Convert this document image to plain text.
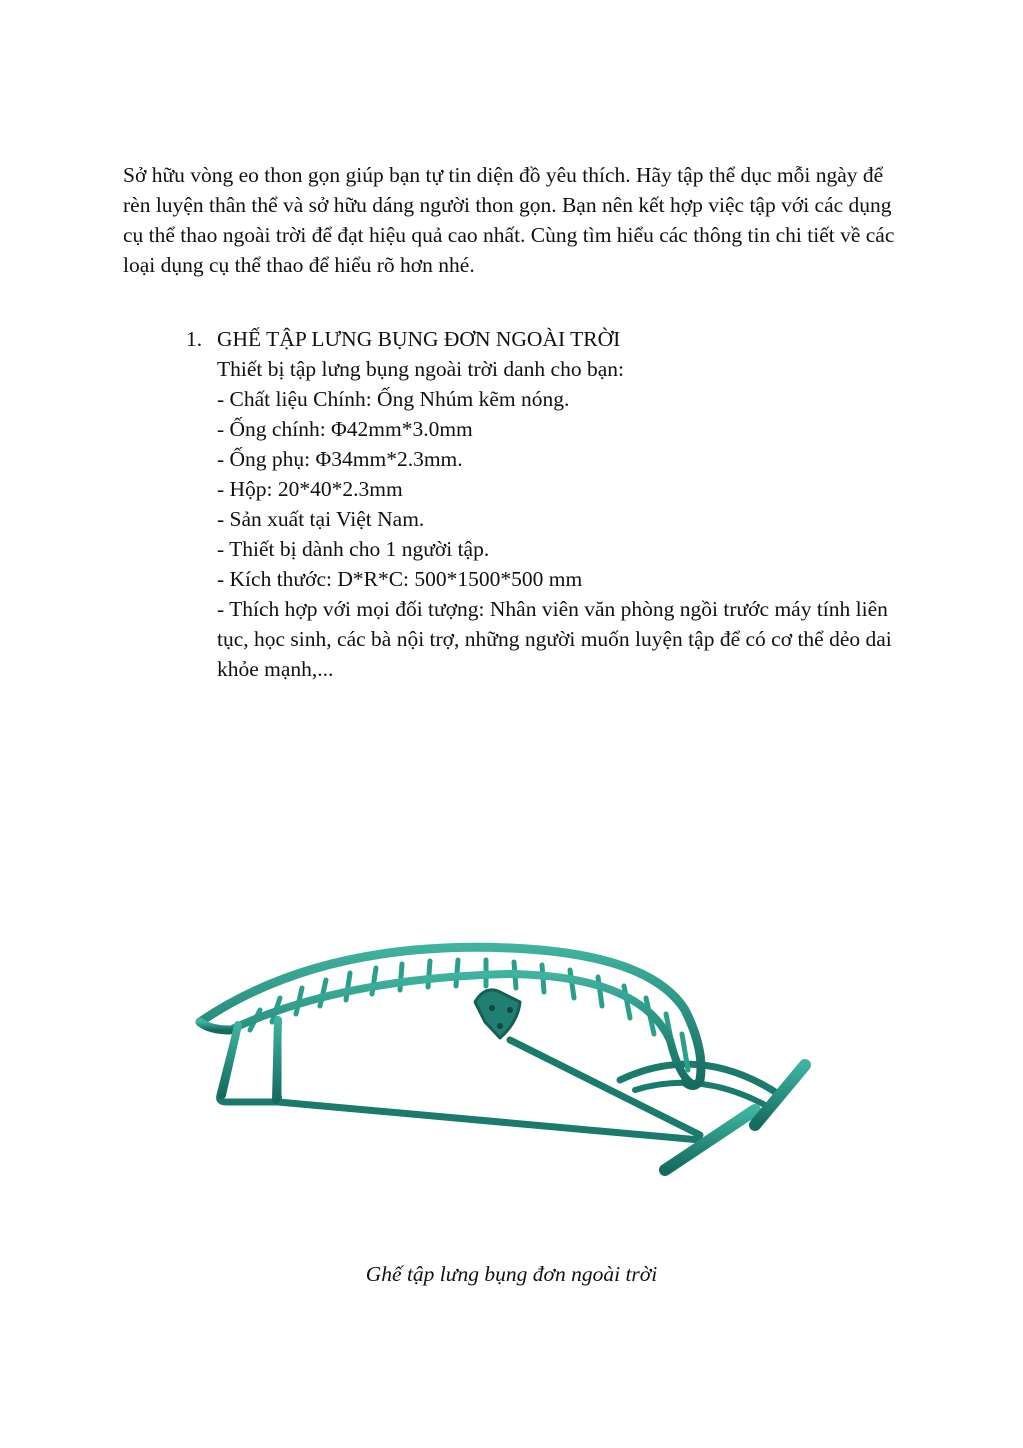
Sở hữu vòng eo thon gọn giúp bạn tự tin diện đồ yêu thích. Hãy tập thể dục mỗi ngày để rèn luyện thân thể và sở hữu dáng người thon gọn. Bạn nên kết hợp việc tập với các dụng cụ thể thao ngoài trời để đạt hiệu quả cao nhất. Cùng tìm hiểu các thông tin chi tiết về các loại dụng cụ thể thao để hiểu rõ hơn nhé.

1. GHẾ TẬP LƯNG BỤNG ĐƠN NGOÀI TRỜI
Thiết bị tập lưng bụng ngoài trời danh cho bạn:
- Chất liệu Chính: Ống Nhúm kẽm nóng.
- Ống chính: Φ42mm*3.0mm
- Ống phụ: Φ34mm*2.3mm.
- Hộp: 20*40*2.3mm
- Sản xuất tại Việt Nam.
- Thiết bị dành cho 1 người tập.
- Kích thước: D*R*C: 500*1500*500 mm
- Thích hợp với mọi đối tượng: Nhân viên văn phòng ngồi trước máy tính liên tục, học sinh, các bà nội trợ, những người muốn luyện tập để có cơ thể dẻo dai khỏe mạnh,...
Ghế tập lưng bụng đơn ngoài trời
